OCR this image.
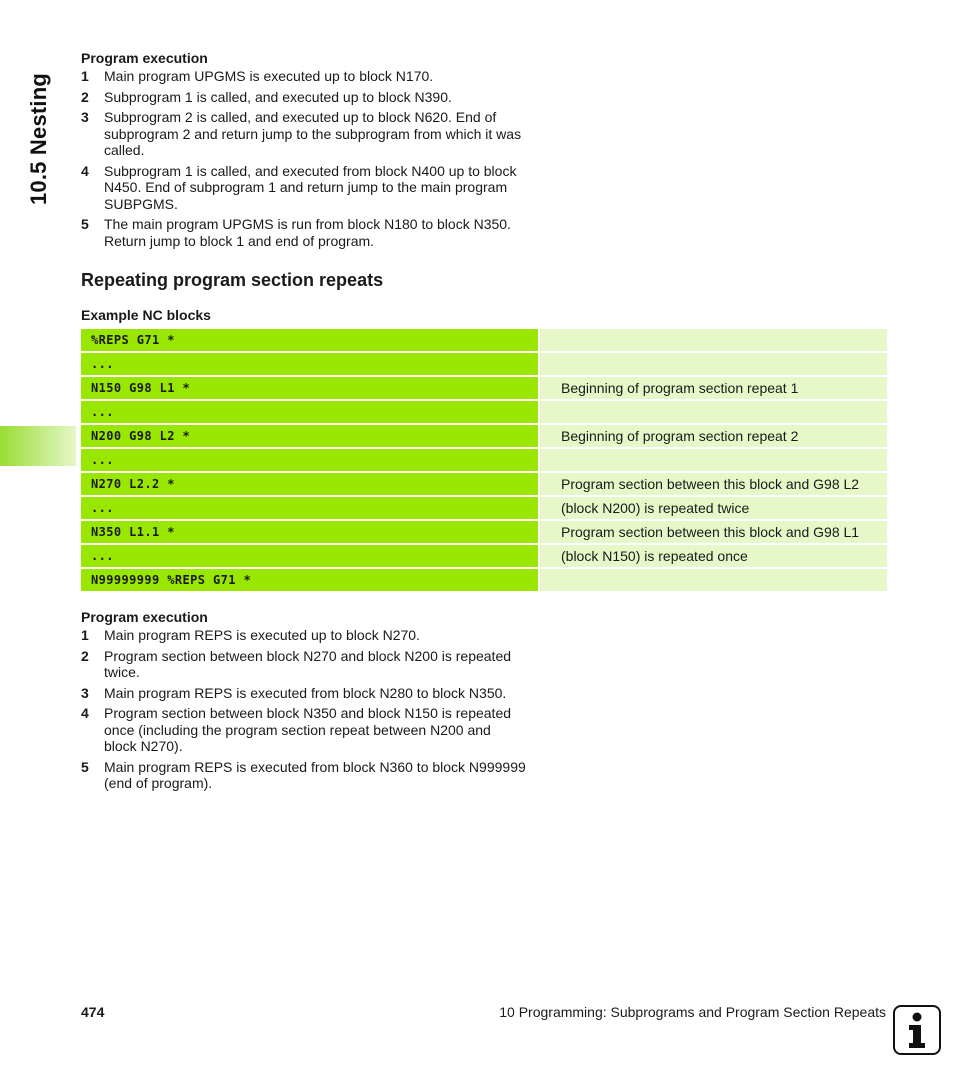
10.5 Nesting
Program execution
1 Main program UPGMS is executed up to block N170.
2 Subprogram 1 is called, and executed up to block N390.
3 Subprogram 2 is called, and executed up to block N620. End of subprogram 2 and return jump to the subprogram from which it was called.
4 Subprogram 1 is called, and executed from block N400 up to block N450. End of subprogram 1 and return jump to the main program SUBPGMS.
5 The main program UPGMS is run from block N180 to block N350. Return jump to block 1 and end of program.
Repeating program section repeats
Example NC blocks
%REPS G71 *		
...		
N150 G98 L1 *		Beginning of program section repeat 1
...		
N200 G98 L2 *		Beginning of program section repeat 2
...		
N270 L2.2 *		Program section between this block and G98 L2
...		(block N200) is repeated twice
N350 L1.1 *		Program section between this block and G98 L1
...		(block N150) is repeated once
N99999999 %REPS G71 *		
Program execution
1 Main program REPS is executed up to block N270.
2 Program section between block N270 and block N200 is repeated twice.
3 Main program REPS is executed from block N280 to block N350.
4 Program section between block N350 and block N150 is repeated once (including the program section repeat between N200 and block N270).
5 Main program REPS is executed from block N360 to block N999999 (end of program).
474	10 Programming: Subprograms and Program Section Repeats
